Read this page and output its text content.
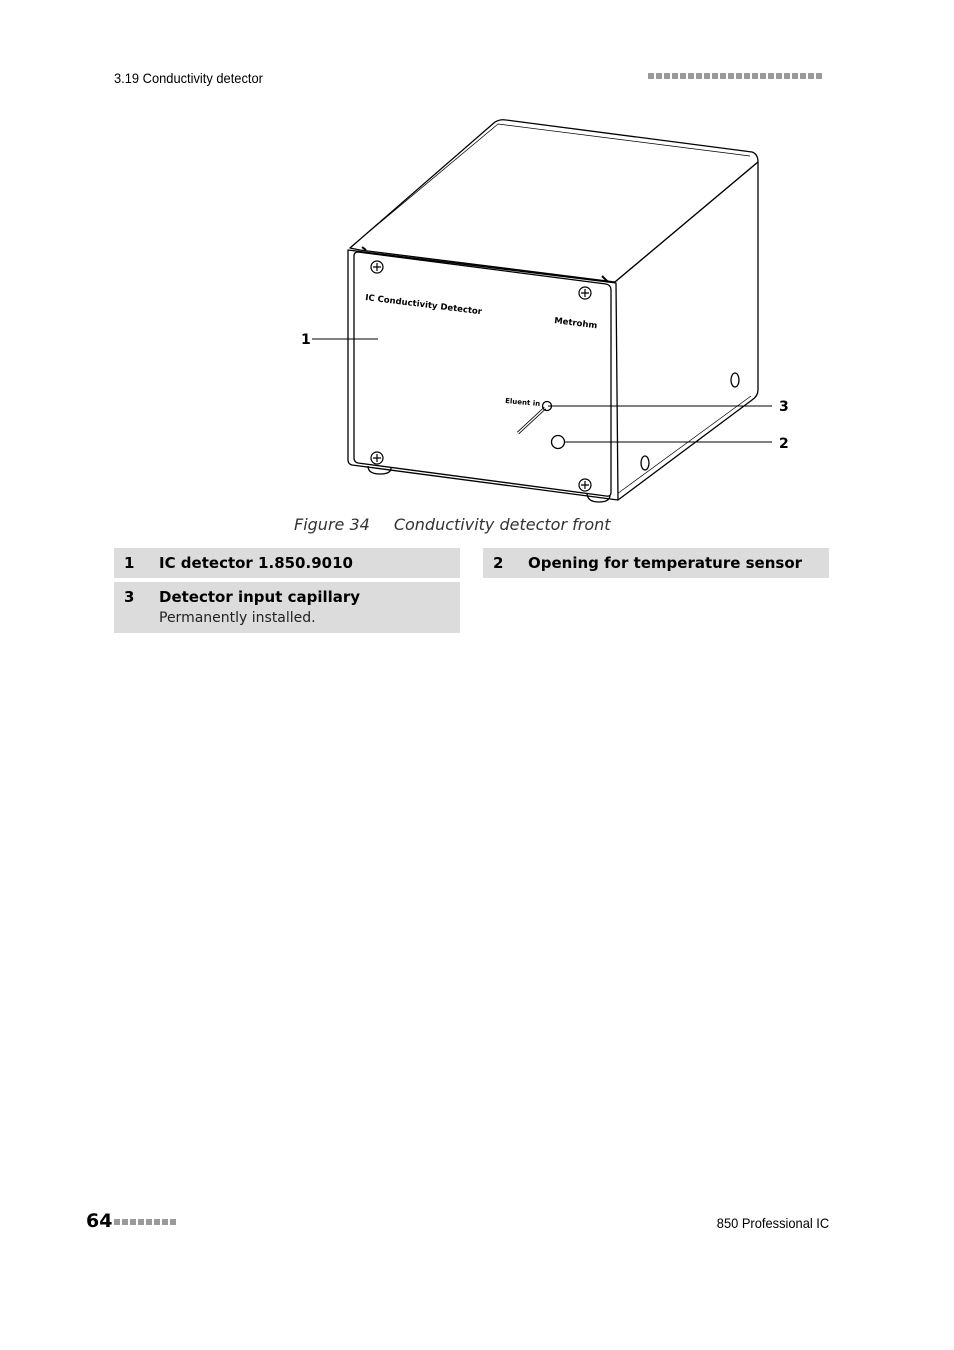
3.19 Conductivity detector
IC Conductivity Detector
Metrohm
Eluent in
1
3
2
Figure 34 Conductivity detector front
1 IC detector 1.850.9010	2 Opening for temperature sensor
3 Detector input capillary
Permanently installed.
64	850 Professional IC
